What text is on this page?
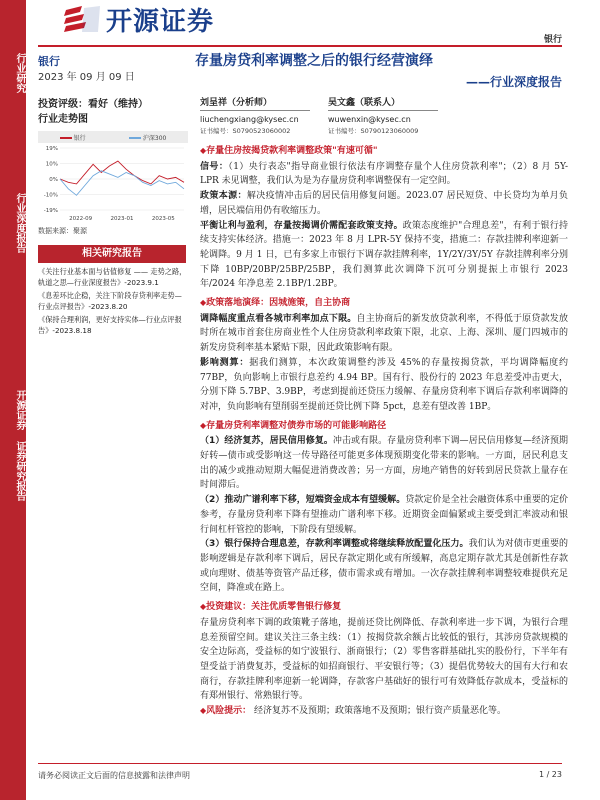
行业研究
行业深度报告
开源证券 证券研究报告
开源证券
银行
银行
2023 年 09 月 09 日
投资评级：看好（维持）
行业走势图
银行	沪深300
19%
10%
0%
-10%
-19%
2022-09	2023-01	2023-05
数据来源：聚源
相关研究报告

《关注行业基本面与估值修复 —— 走势之路，轨道之思—行业深度报告》-2023.9.1

《息差环比企稳，关注下阶段存贷利率走势—行业点评报告》-2023.8.20

《保持合理利润，更好支持实体—行业点评报告》-2023.8.18

存量房贷利率调整之后的银行经营演绎
——行业深度报告
刘呈祥（分析师）
liuchengxiang@kysec.cn
证书编号：S0790523060002
吴文鑫（联系人）
wuwenxin@kysec.cn
证书编号：S0790123060009
◆ 存量住房按揭贷款利率调整政策"有速可循"

信号：（1）央行表态"指导商业银行依法有序调整存量个人住房贷款利率"；（2）8 月 5Y-LPR 未见调整，我们认为是为存量房贷利率调整保有一定空间。

政策本源：解决疫情冲击后的居民信用修复问题。2023.07 居民短贷、中长贷均为单月负增，居民端信用仍有收缩压力。

平衡让利与盈利，存量按揭调价需配套政策支持。政策态度维护"合理息差"，有利于银行持续支持实体经济。措施一：2023 年 8 月 LPR-5Y 保持不变，措施二：存款挂牌利率迎新一轮调降。9 月 1 日，已有多家上市银行下调存款挂牌利率，1Y/2Y/3Y/5Y 存款挂牌利率分别下降 10BP/20BP/25BP/25BP，我们测算此次调降下沉可分别提振上市银行 2023 年/2024 年净息差 2.1BP/1.2BP。

◆ 政策落地演绎：因城施策，自主协商

调降幅度重点看各城市利率加点下限。自主协商后的新发放贷款利率，不得低于原贷款发放时所在城市首套住房商业性个人住房贷款利率政策下限，北京、上海、深圳、厦门四城市的新发房贷利率基本紧贴下限，因此政策影响有限。

影响测算：据我们测算，本次政策调整约涉及 45%的存量按揭贷款，平均调降幅度约 77BP，负向影响上市银行息差约 4.94 BP。国有行、股份行的 2023 年息差受冲击更大，分别下降 5.7BP、3.9BP，考虑到提前还贷压力缓解、存量房贷利率下调后存款利率调降的对冲，负向影响有望削弱至提前还贷比例下降 5pct，息差有望改善 1BP。

◆ 存量房贷利率调整对债券市场的可能影响路径

（1）经济复苏，居民信用修复。冲击或有限。存量房贷利率下调—居民信用修复—经济预期好转—债市或受影响这一传导路径可能更多体现预期变化带来的影响。一方面，居民利息支出的减少或推动短期大幅促进消费改善；另一方面，房地产销售的好转到居民贷款上量存在时间滞后。

（2）推动广谱利率下移，短端资金成本有望缓解。贷款定价是全社会融资体系中重要的定价参考，存量房贷利率下降有望推动广谱利率下移。近期资金面偏紧或主要受到汇率波动和银行间杠杆管控的影响，下阶段有望缓解。

（3）银行保持合理息差，存款利率调整或将继续释放配置化压力。我们认为对债市更重要的影响逻辑是存款利率下调后，居民存款定期化或有所缓解，高息定期存款尤其是创新性存款或向理财、债基等资管产品迁移，债市需求或有增加。一次存款挂牌利率调整较难提供充足空间，降准或在路上。

◆ 投资建议：关注优质零售银行修复

存量房贷利率下调的政策靴子落地，提前还贷比例降低、存款利率进一步下调，为银行合理息差预留空间。建议关注三条主线：（1）按揭贷款余额占比较低的银行，其涉房贷款规模的安全边际高，受益标的如宁波银行、浙商银行；（2）零售客群基础扎实的股份行，下半年有望受益于消费复苏，受益标的如招商银行、平安银行等；（3）提倡优势较大的国有大行和农商行，存款挂牌利率迎新一轮调降，存款客户基础好的银行可有效降低存款成本，受益标的有郑州银行、常熟银行等。

◆ 风险提示： 经济复苏不及预期；政策落地不及预期；银行资产质量恶化等。
请务必阅读正文后面的信息披露和法律声明	1 / 23
